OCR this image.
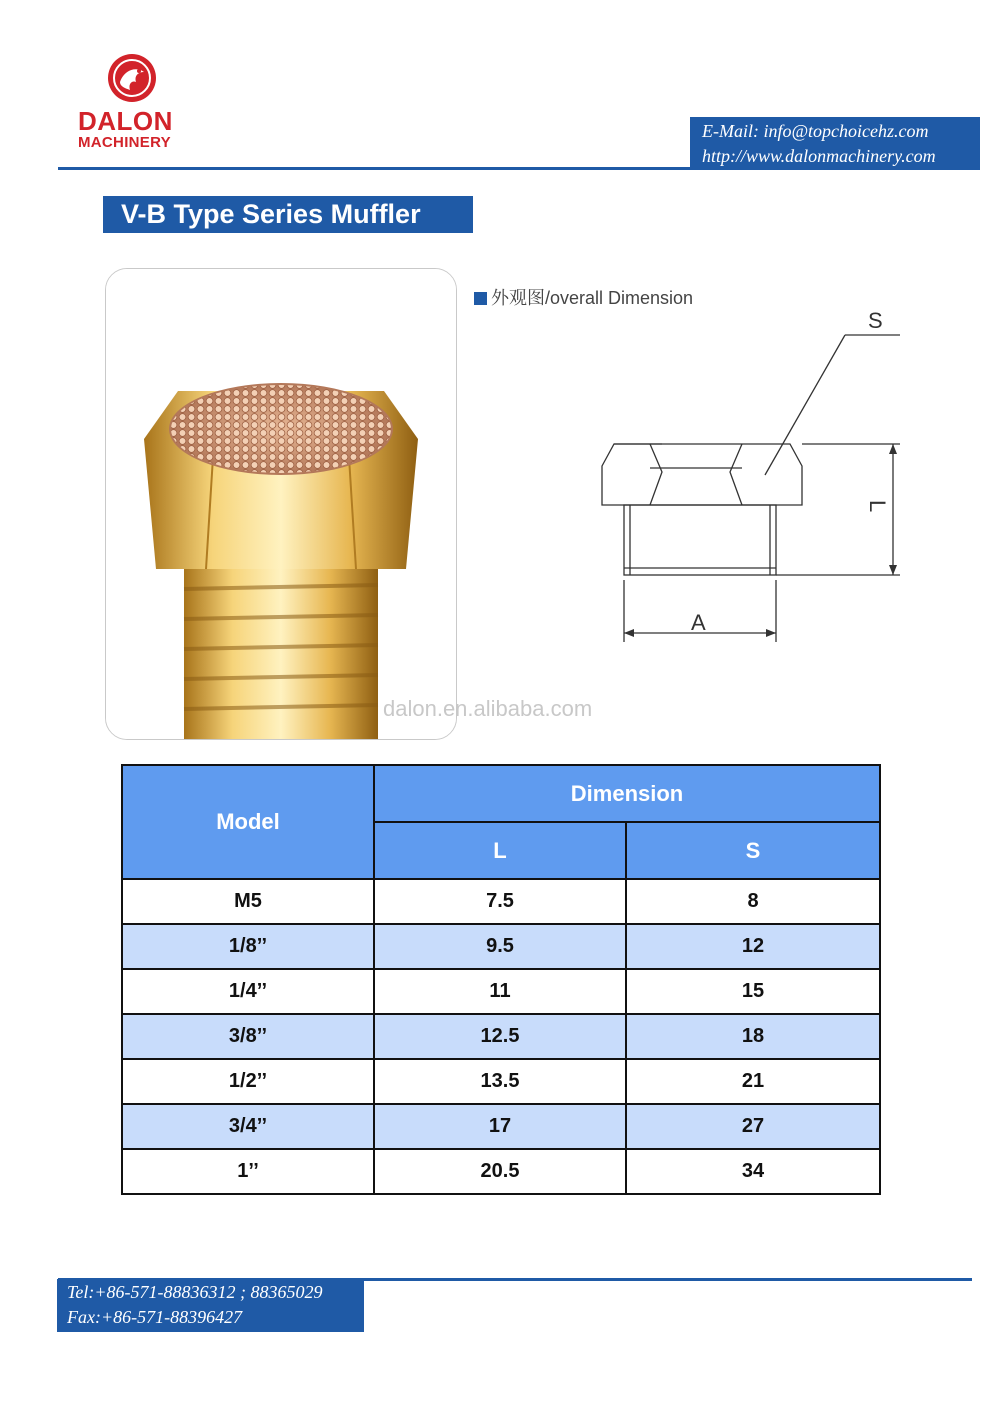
DALON
MACHINERY
E-Mail: info@topchoicehz.com
http://www.dalonmachinery.com
V-B Type Series Muffler
外观图/overall Dimension
S
L
A
dalon.en.alibaba.com
Model	Dimension	
	L	S
M5	7.5	8
1/8’’	9.5	12
1/4’’	11	15
3/8’’	12.5	18
1/2’’	13.5	21
3/4’’	17	27
1’’	20.5	34
Tel:+86-571-88836312 ; 88365029
Fax:+86-571-88396427
